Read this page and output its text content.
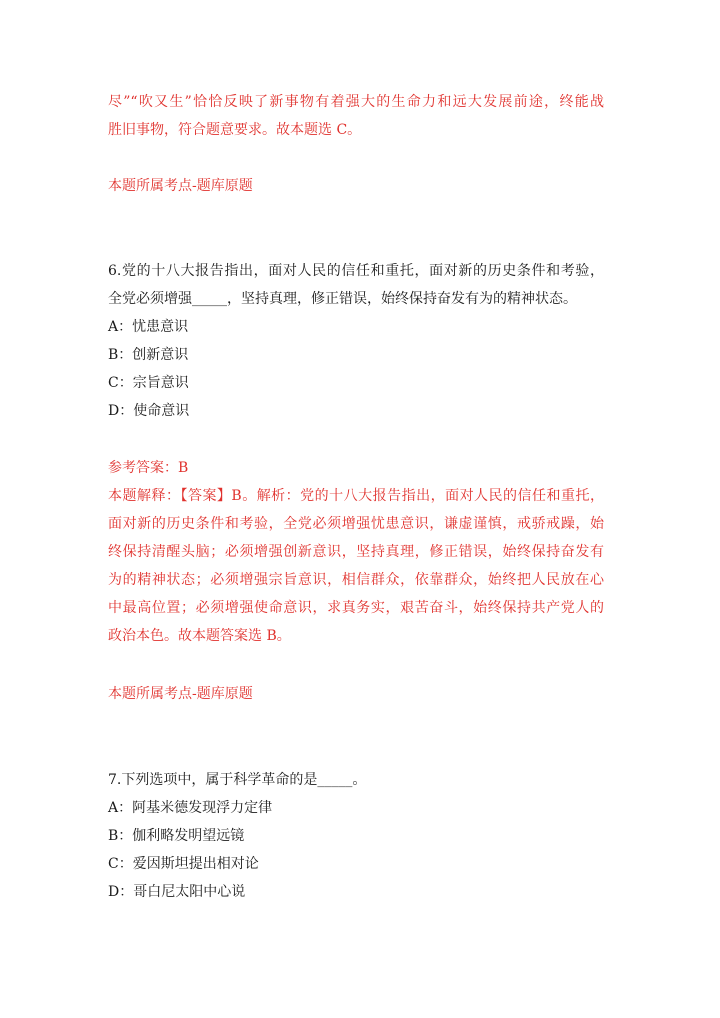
尽”“吹又生”恰恰反映了新事物有着强大的生命力和远大发展前途，终能战
胜旧事物，符合题意要求。故本题选 C。
本题所属考点-题库原题
6.党的十八大报告指出，面对人民的信任和重托，面对新的历史条件和考验，
全党必须增强_____，坚持真理，修正错误，始终保持奋发有为的精神状态。
A：忧患意识
B：创新意识
C：宗旨意识
D：使命意识
参考答案：B
本题解释：【答案】B。解析：党的十八大报告指出，面对人民的信任和重托，
面对新的历史条件和考验，全党必须增强忧患意识，谦虚谨慎，戒骄戒躁，始
终保持清醒头脑；必须增强创新意识，坚持真理，修正错误，始终保持奋发有
为的精神状态；必须增强宗旨意识，相信群众，依靠群众，始终把人民放在心
中最高位置；必须增强使命意识，求真务实，艰苦奋斗，始终保持共产党人的
政治本色。故本题答案选 B。
本题所属考点-题库原题
7.下列选项中，属于科学革命的是_____。
A：阿基米德发现浮力定律
B：伽利略发明望远镜
C：爱因斯坦提出相对论
D：哥白尼太阳中心说
